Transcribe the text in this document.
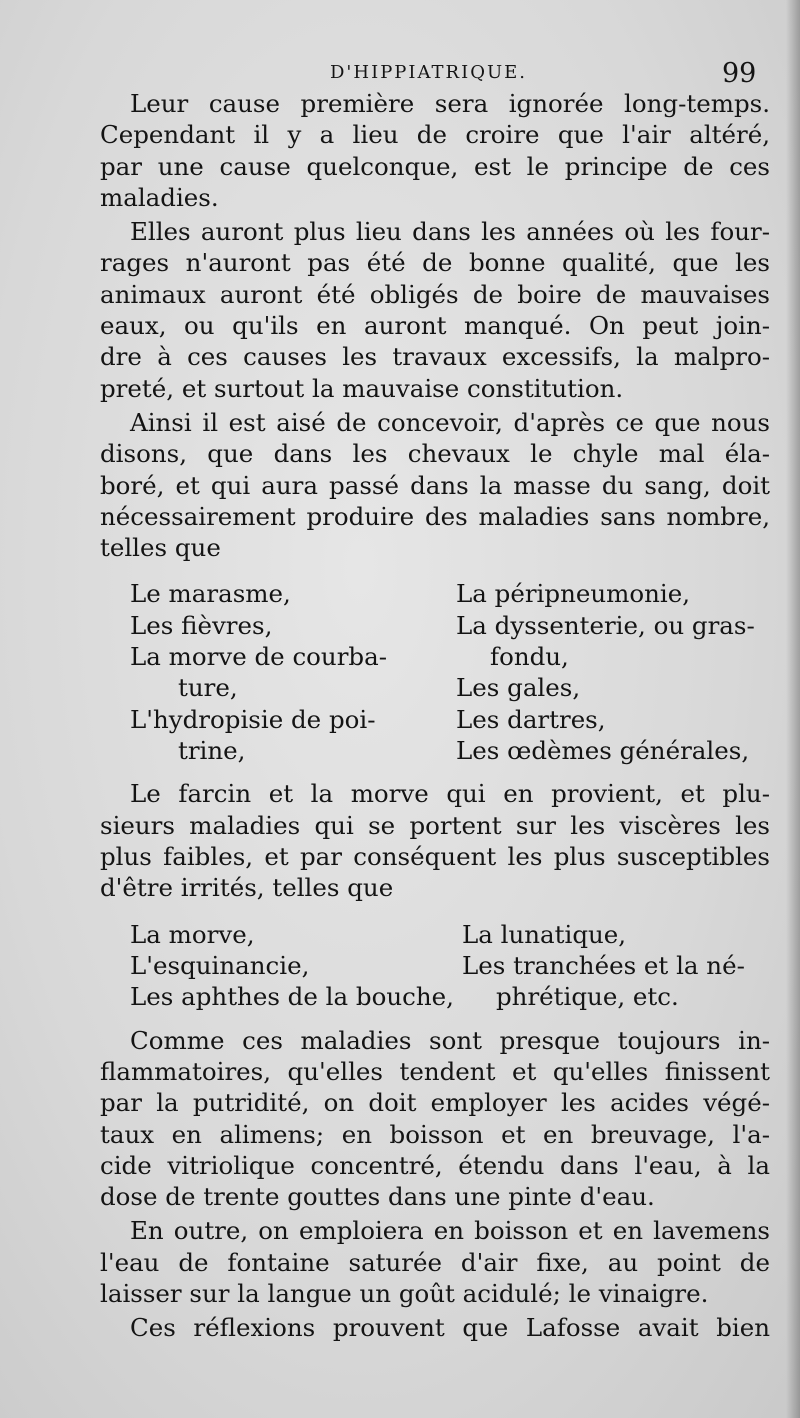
D'HIPPIATRIQUE.	99
Leur cause première sera ignorée long-temps.
Cependant il y a lieu de croire que l'air altéré,
par une cause quelconque, est le principe de ces
maladies.
Elles auront plus lieu dans les années où les four-
rages n'auront pas été de bonne qualité, que les
animaux auront été obligés de boire de mauvaises
eaux, ou qu'ils en auront manqué. On peut join-
dre à ces causes les travaux excessifs, la malpro-
preté, et surtout la mauvaise constitution.
Ainsi il est aisé de concevoir, d'après ce que nous
disons, que dans les chevaux le chyle mal éla-
boré, et qui aura passé dans la masse du sang, doit
nécessairement produire des maladies sans nombre,
telles que
Le marasme,
Les fièvres,
La morve de courba-
ture,
L'hydropisie de poi-
trine,
La péripneumonie,
La dyssenterie, ou gras-
fondu,
Les gales,
Les dartres,
Les œdèmes générales,
Le farcin et la morve qui en provient, et plu-
sieurs maladies qui se portent sur les viscères les
plus faibles, et par conséquent les plus susceptibles
d'être irrités, telles que
La morve,
L'esquinancie,
Les aphthes de la bouche,
La lunatique,
Les tranchées et la né-
phrétique, etc.
Comme ces maladies sont presque toujours in-
flammatoires, qu'elles tendent et qu'elles finissent
par la putridité, on doit employer les acides végé-
taux en alimens; en boisson et en breuvage, l'a-
cide vitriolique concentré, étendu dans l'eau, à la
dose de trente gouttes dans une pinte d'eau.
En outre, on emploiera en boisson et en lavemens
l'eau de fontaine saturée d'air fixe, au point de
laisser sur la langue un goût acidulé; le vinaigre.
Ces réflexions prouvent que Lafosse avait bien
